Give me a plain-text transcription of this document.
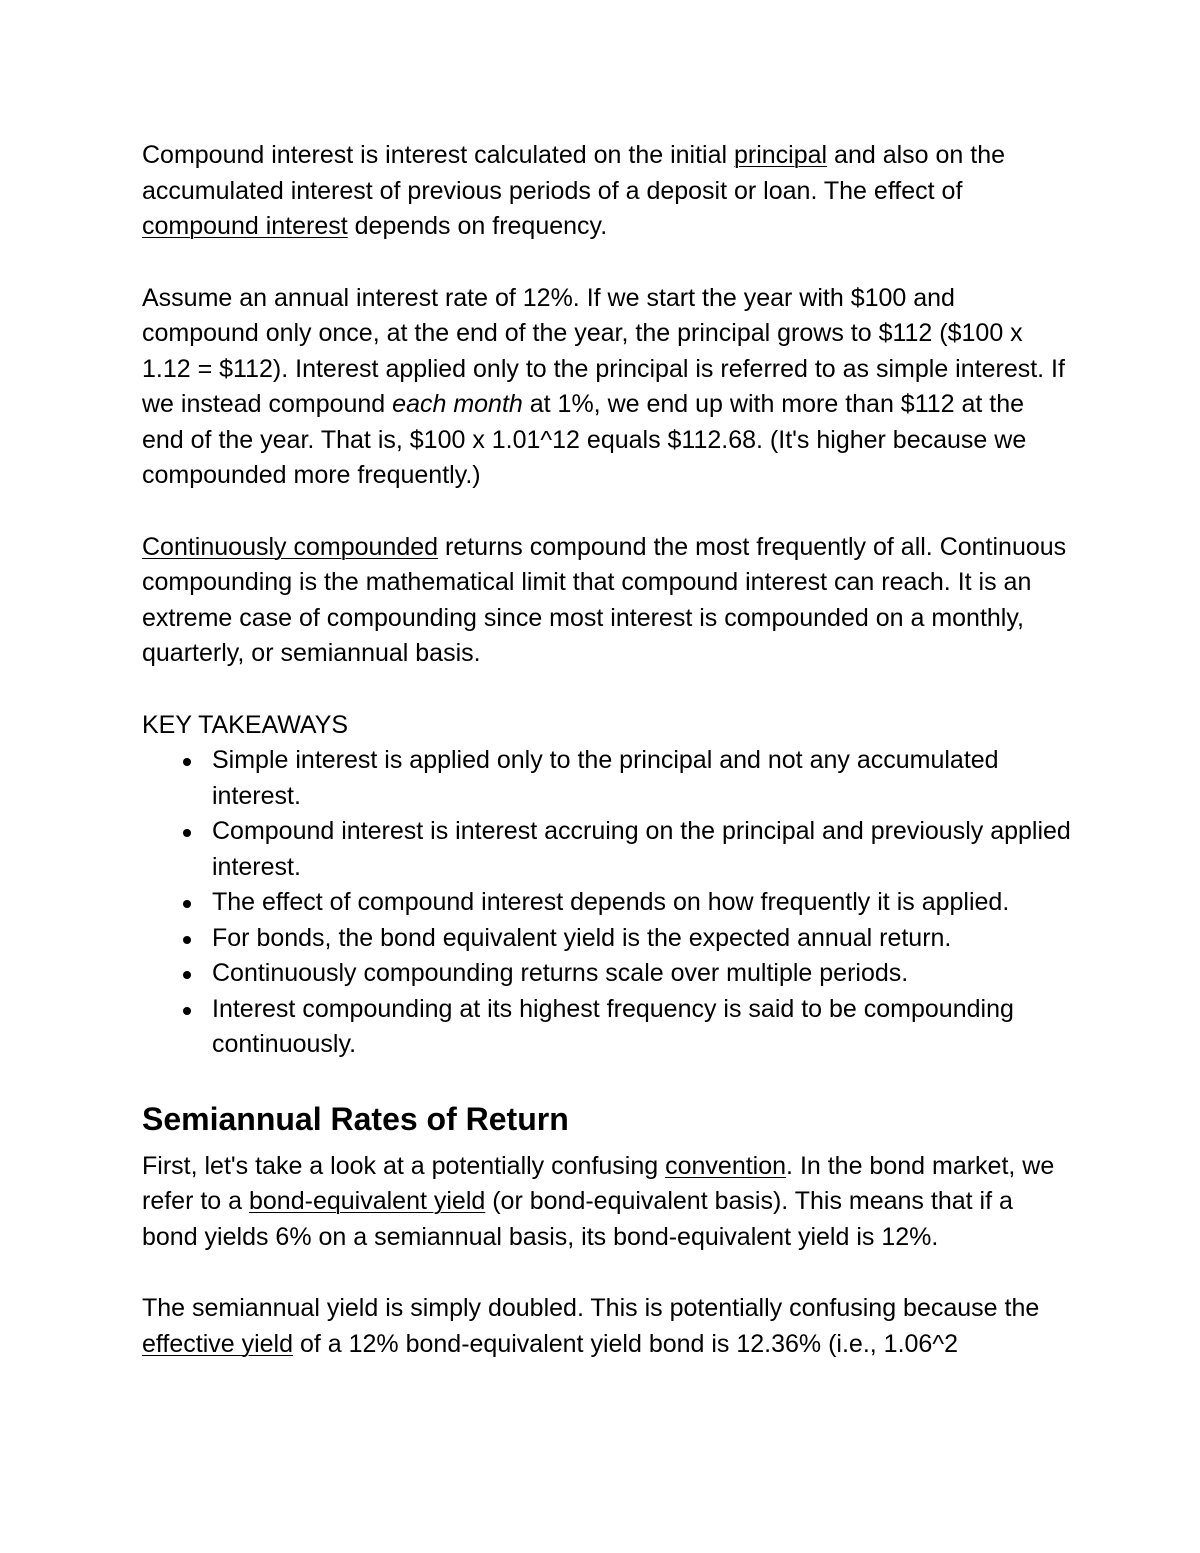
Compound interest is interest calculated on the initial principal and also on the accumulated interest of previous periods of a deposit or loan. The effect of compound interest depends on frequency.

Assume an annual interest rate of 12%. If we start the year with $100 and compound only once, at the end of the year, the principal grows to $112 ($100 x 1.12 = $112). Interest applied only to the principal is referred to as simple interest. If we instead compound each month at 1%, we end up with more than $112 at the end of the year. That is, $100 x 1.01^12 equals $112.68. (It's higher because we compounded more frequently.)

Continuously compounded returns compound the most frequently of all. Continuous compounding is the mathematical limit that compound interest can reach. It is an extreme case of compounding since most interest is compounded on a monthly, quarterly, or semiannual basis.

KEY TAKEAWAYS

Simple interest is applied only to the principal and not any accumulated interest.
Compound interest is interest accruing on the principal and previously applied interest.
The effect of compound interest depends on how frequently it is applied.
For bonds, the bond equivalent yield is the expected annual return.
Continuously compounding returns scale over multiple periods.
Interest compounding at its highest frequency is said to be compounding continuously.
Semiannual Rates of Return

First, let's take a look at a potentially confusing convention. In the bond market, we refer to a bond-equivalent yield (or bond-equivalent basis). This means that if a bond yields 6% on a semiannual basis, its bond-equivalent yield is 12%.

The semiannual yield is simply doubled. This is potentially confusing because the effective yield of a 12% bond-equivalent yield bond is 12.36% (i.e., 1.06^2
